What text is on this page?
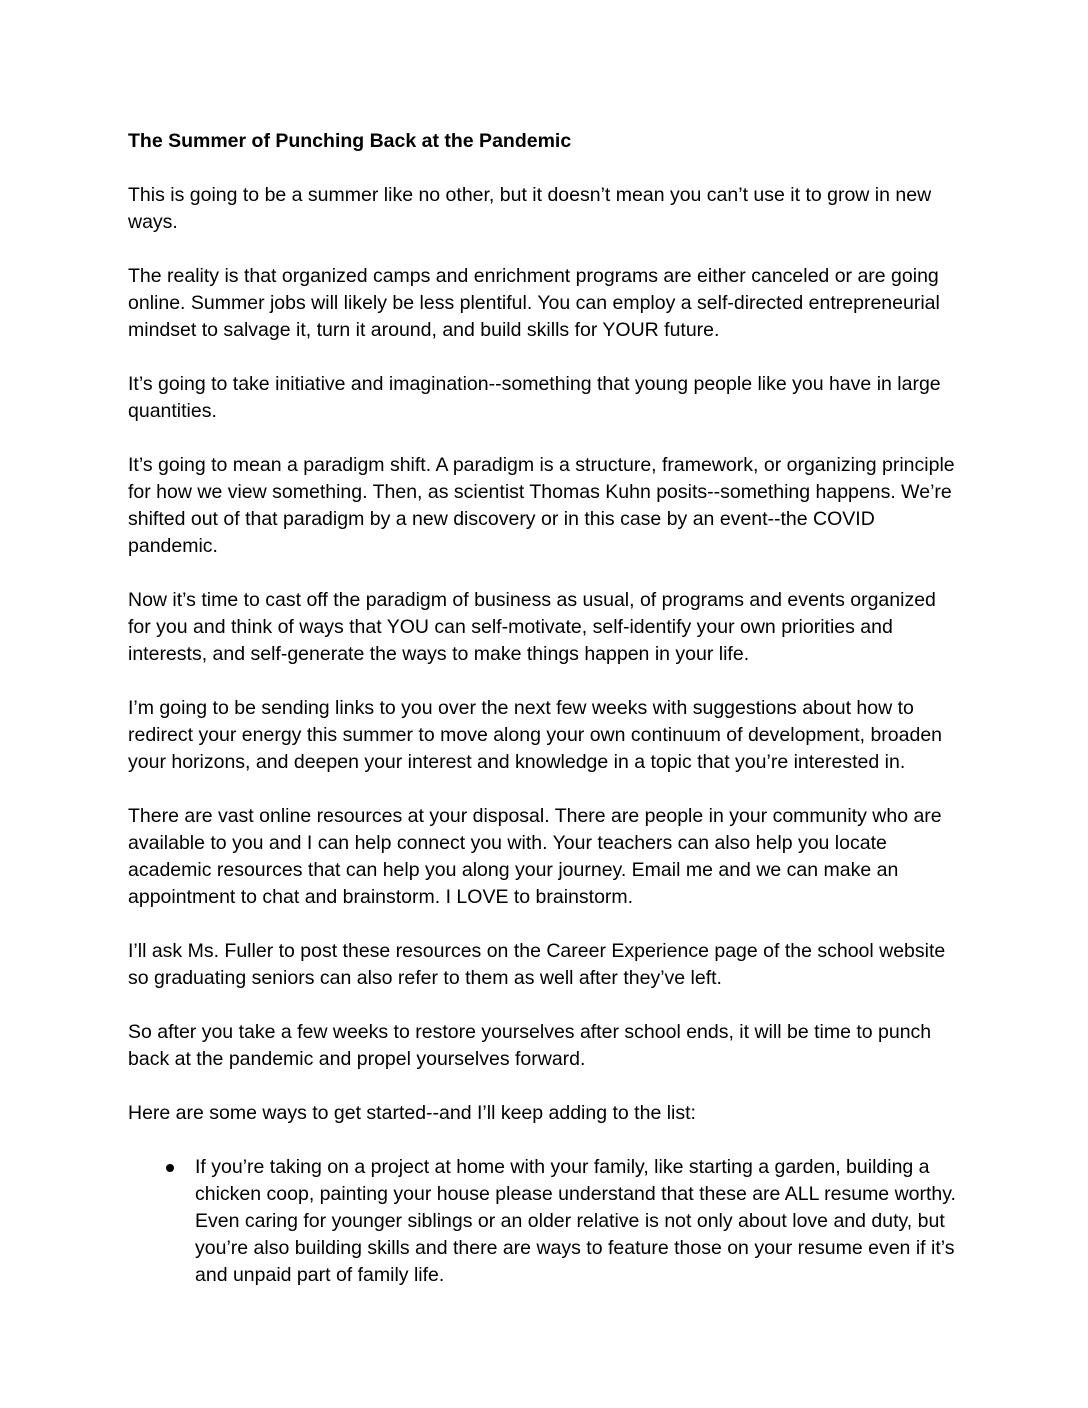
The Summer of Punching Back at the Pandemic

This is going to be a summer like no other, but it doesn’t mean you can’t use it to grow in new ways.

The reality is that organized camps and enrichment programs are either canceled or are going online. Summer jobs will likely be less plentiful. You can employ a self-directed entrepreneurial mindset to salvage it, turn it around, and build skills for YOUR future.

It’s going to take initiative and imagination--something that young people like you have in large quantities.

It’s going to mean a paradigm shift. A paradigm is a structure, framework, or organizing principle for how we view something. Then, as scientist Thomas Kuhn posits--something happens. We’re shifted out of that paradigm by a new discovery or in this case by an event--the COVID pandemic.

Now it’s time to cast off the paradigm of business as usual, of programs and events organized for you and think of ways that YOU can self-motivate, self-identify your own priorities and interests, and self-generate the ways to make things happen in your life.

I’m going to be sending links to you over the next few weeks with suggestions about how to redirect your energy this summer to move along your own continuum of development, broaden your horizons, and deepen your interest and knowledge in a topic that you’re interested in.

There are vast online resources at your disposal. There are people in your community who are available to you and I can help connect you with. Your teachers can also help you locate academic resources that can help you along your journey. Email me and we can make an appointment to chat and brainstorm. I LOVE to brainstorm.

I’ll ask Ms. Fuller to post these resources on the Career Experience page of the school website so graduating seniors can also refer to them as well after they’ve left.

So after you take a few weeks to restore yourselves after school ends, it will be time to punch back at the pandemic and propel yourselves forward.

Here are some ways to get started--and I’ll keep adding to the list:

If you’re taking on a project at home with your family, like starting a garden, building a chicken coop, painting your house please understand that these are ALL resume worthy. Even caring for younger siblings or an older relative is not only about love and duty, but you’re also building skills and there are ways to feature those on your resume even if it’s and unpaid part of family life.
